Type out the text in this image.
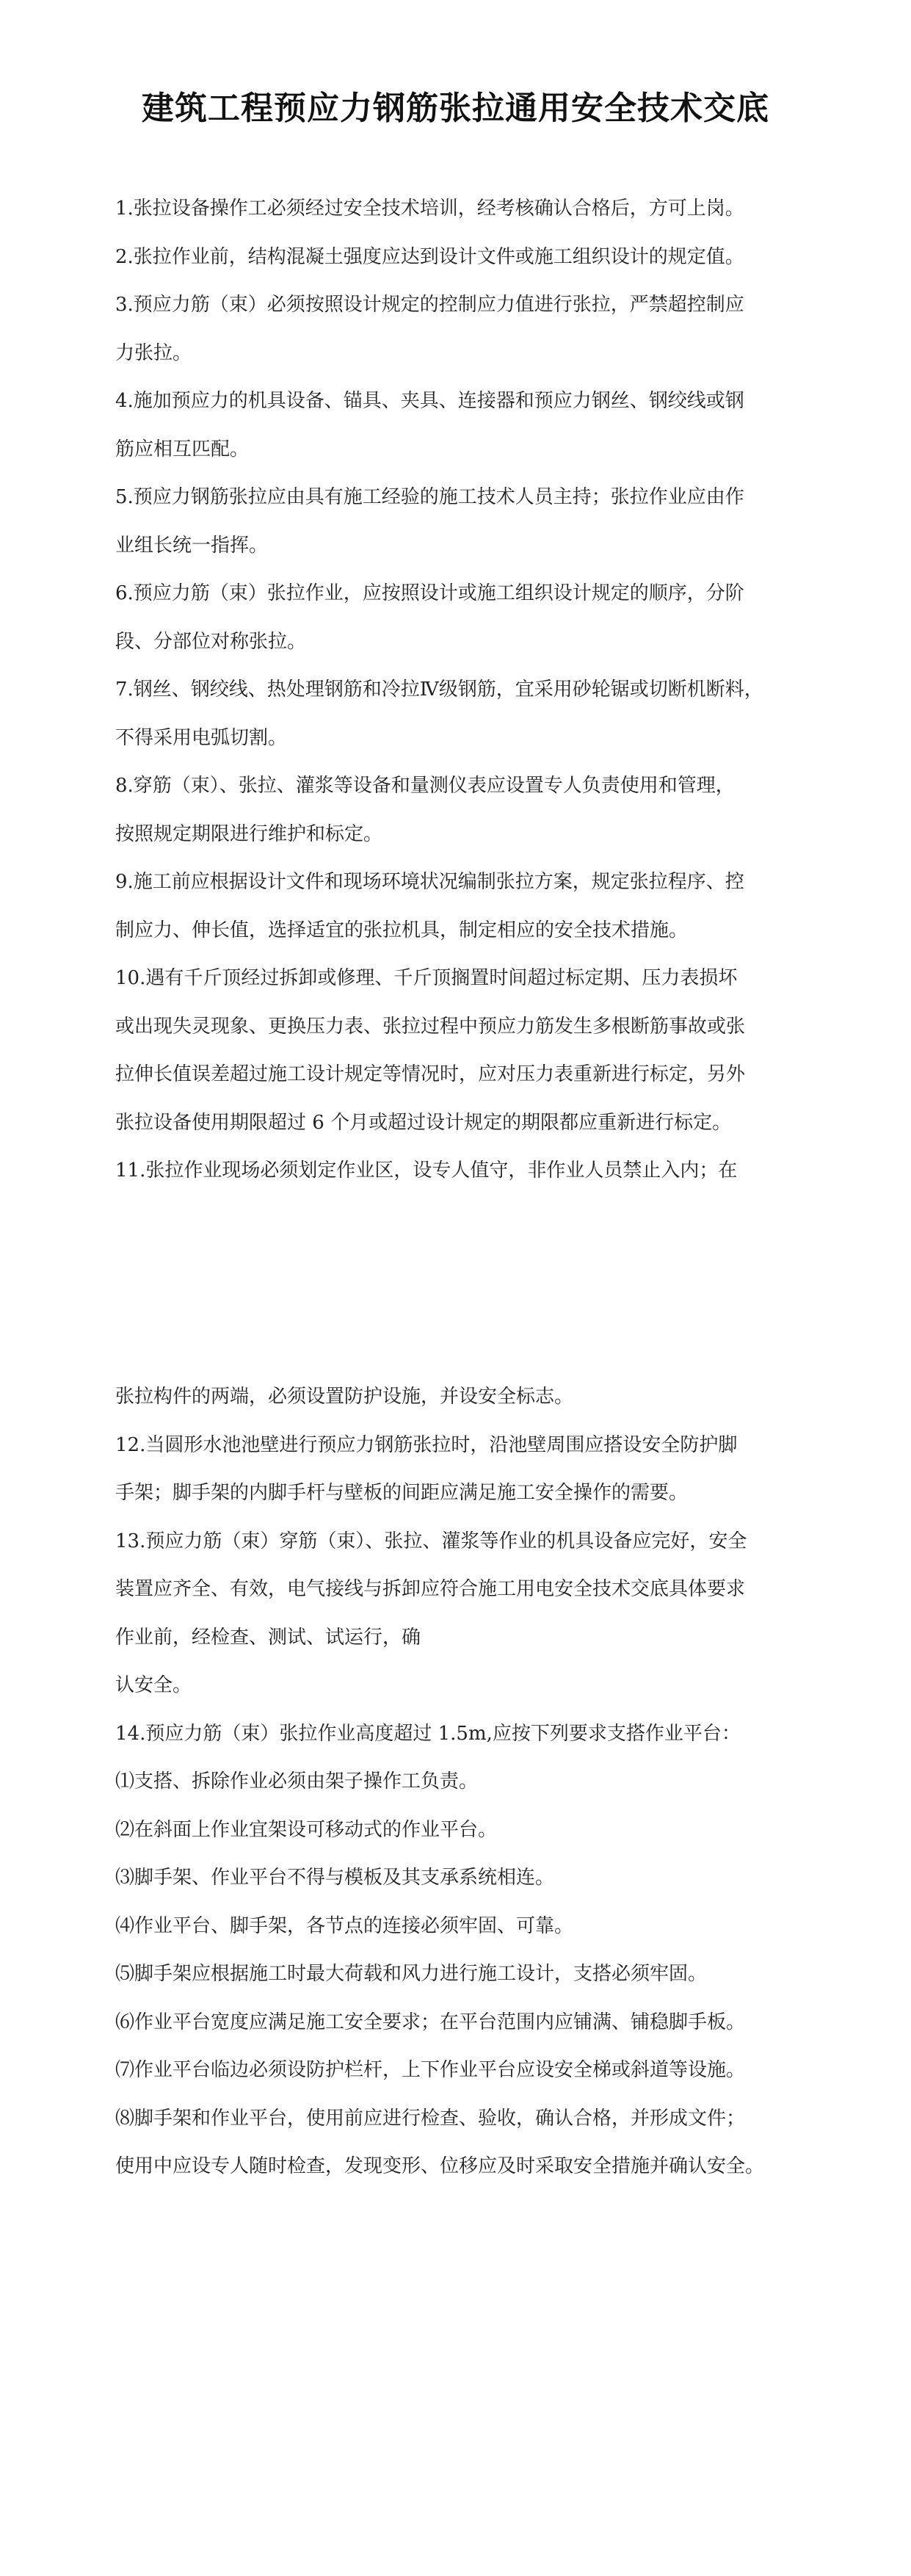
建筑工程预应力钢筋张拉通用安全技术交底

1.张拉设备操作工必须经过安全技术培训，经考核确认合格后，方可上岗。

2.张拉作业前，结构混凝土强度应达到设计文件或施工组织设计的规定值。

3.预应力筋（束）必须按照设计规定的控制应力值进行张拉，严禁超控制应

力张拉。

4.施加预应力的机具设备、锚具、夹具、连接器和预应力钢丝、钢绞线或钢

筋应相互匹配。

5.预应力钢筋张拉应由具有施工经验的施工技术人员主持；张拉作业应由作

业组长统一指挥。

6.预应力筋（束）张拉作业，应按照设计或施工组织设计规定的顺序，分阶

段、分部位对称张拉。

7.钢丝、钢绞线、热处理钢筋和冷拉Ⅳ级钢筋，宜采用砂轮锯或切断机断料，

不得采用电弧切割。

8.穿筋（束）、张拉、灌浆等设备和量测仪表应设置专人负责使用和管理，

按照规定期限进行维护和标定。

9.施工前应根据设计文件和现场环境状况编制张拉方案，规定张拉程序、控

制应力、伸长值，选择适宜的张拉机具，制定相应的安全技术措施。

10.遇有千斤顶经过拆卸或修理、千斤顶搁置时间超过标定期、压力表损坏

或出现失灵现象、更换压力表、张拉过程中预应力筋发生多根断筋事故或张

拉伸长值误差超过施工设计规定等情况时，应对压力表重新进行标定，另外

张拉设备使用期限超过 6 个月或超过设计规定的期限都应重新进行标定。

11.张拉作业现场必须划定作业区，设专人值守，非作业人员禁止入内；在

张拉构件的两端，必须设置防护设施，并设安全标志。

12.当圆形水池池壁进行预应力钢筋张拉时，沿池壁周围应搭设安全防护脚

手架；脚手架的内脚手杆与壁板的间距应满足施工安全操作的需要。

13.预应力筋（束）穿筋（束）、张拉、灌浆等作业的机具设备应完好，安全

装置应齐全、有效，电气接线与拆卸应符合施工用电安全技术交底具体要求

作业前，经检查、测试、试运行，确

认安全。

14.预应力筋（束）张拉作业高度超过 1.5m,应按下列要求支搭作业平台：

⑴支搭、拆除作业必须由架子操作工负责。

⑵在斜面上作业宜架设可移动式的作业平台。

⑶脚手架、作业平台不得与模板及其支承系统相连。

⑷作业平台、脚手架，各节点的连接必须牢固、可靠。

⑸脚手架应根据施工时最大荷载和风力进行施工设计，支搭必须牢固。

⑹作业平台宽度应满足施工安全要求；在平台范围内应铺满、铺稳脚手板。

⑺作业平台临边必须设防护栏杆，上下作业平台应设安全梯或斜道等设施。

⑻脚手架和作业平台，使用前应进行检查、验收，确认合格，并形成文件；

使用中应设专人随时检查，发现变形、位移应及时采取安全措施并确认安全。
